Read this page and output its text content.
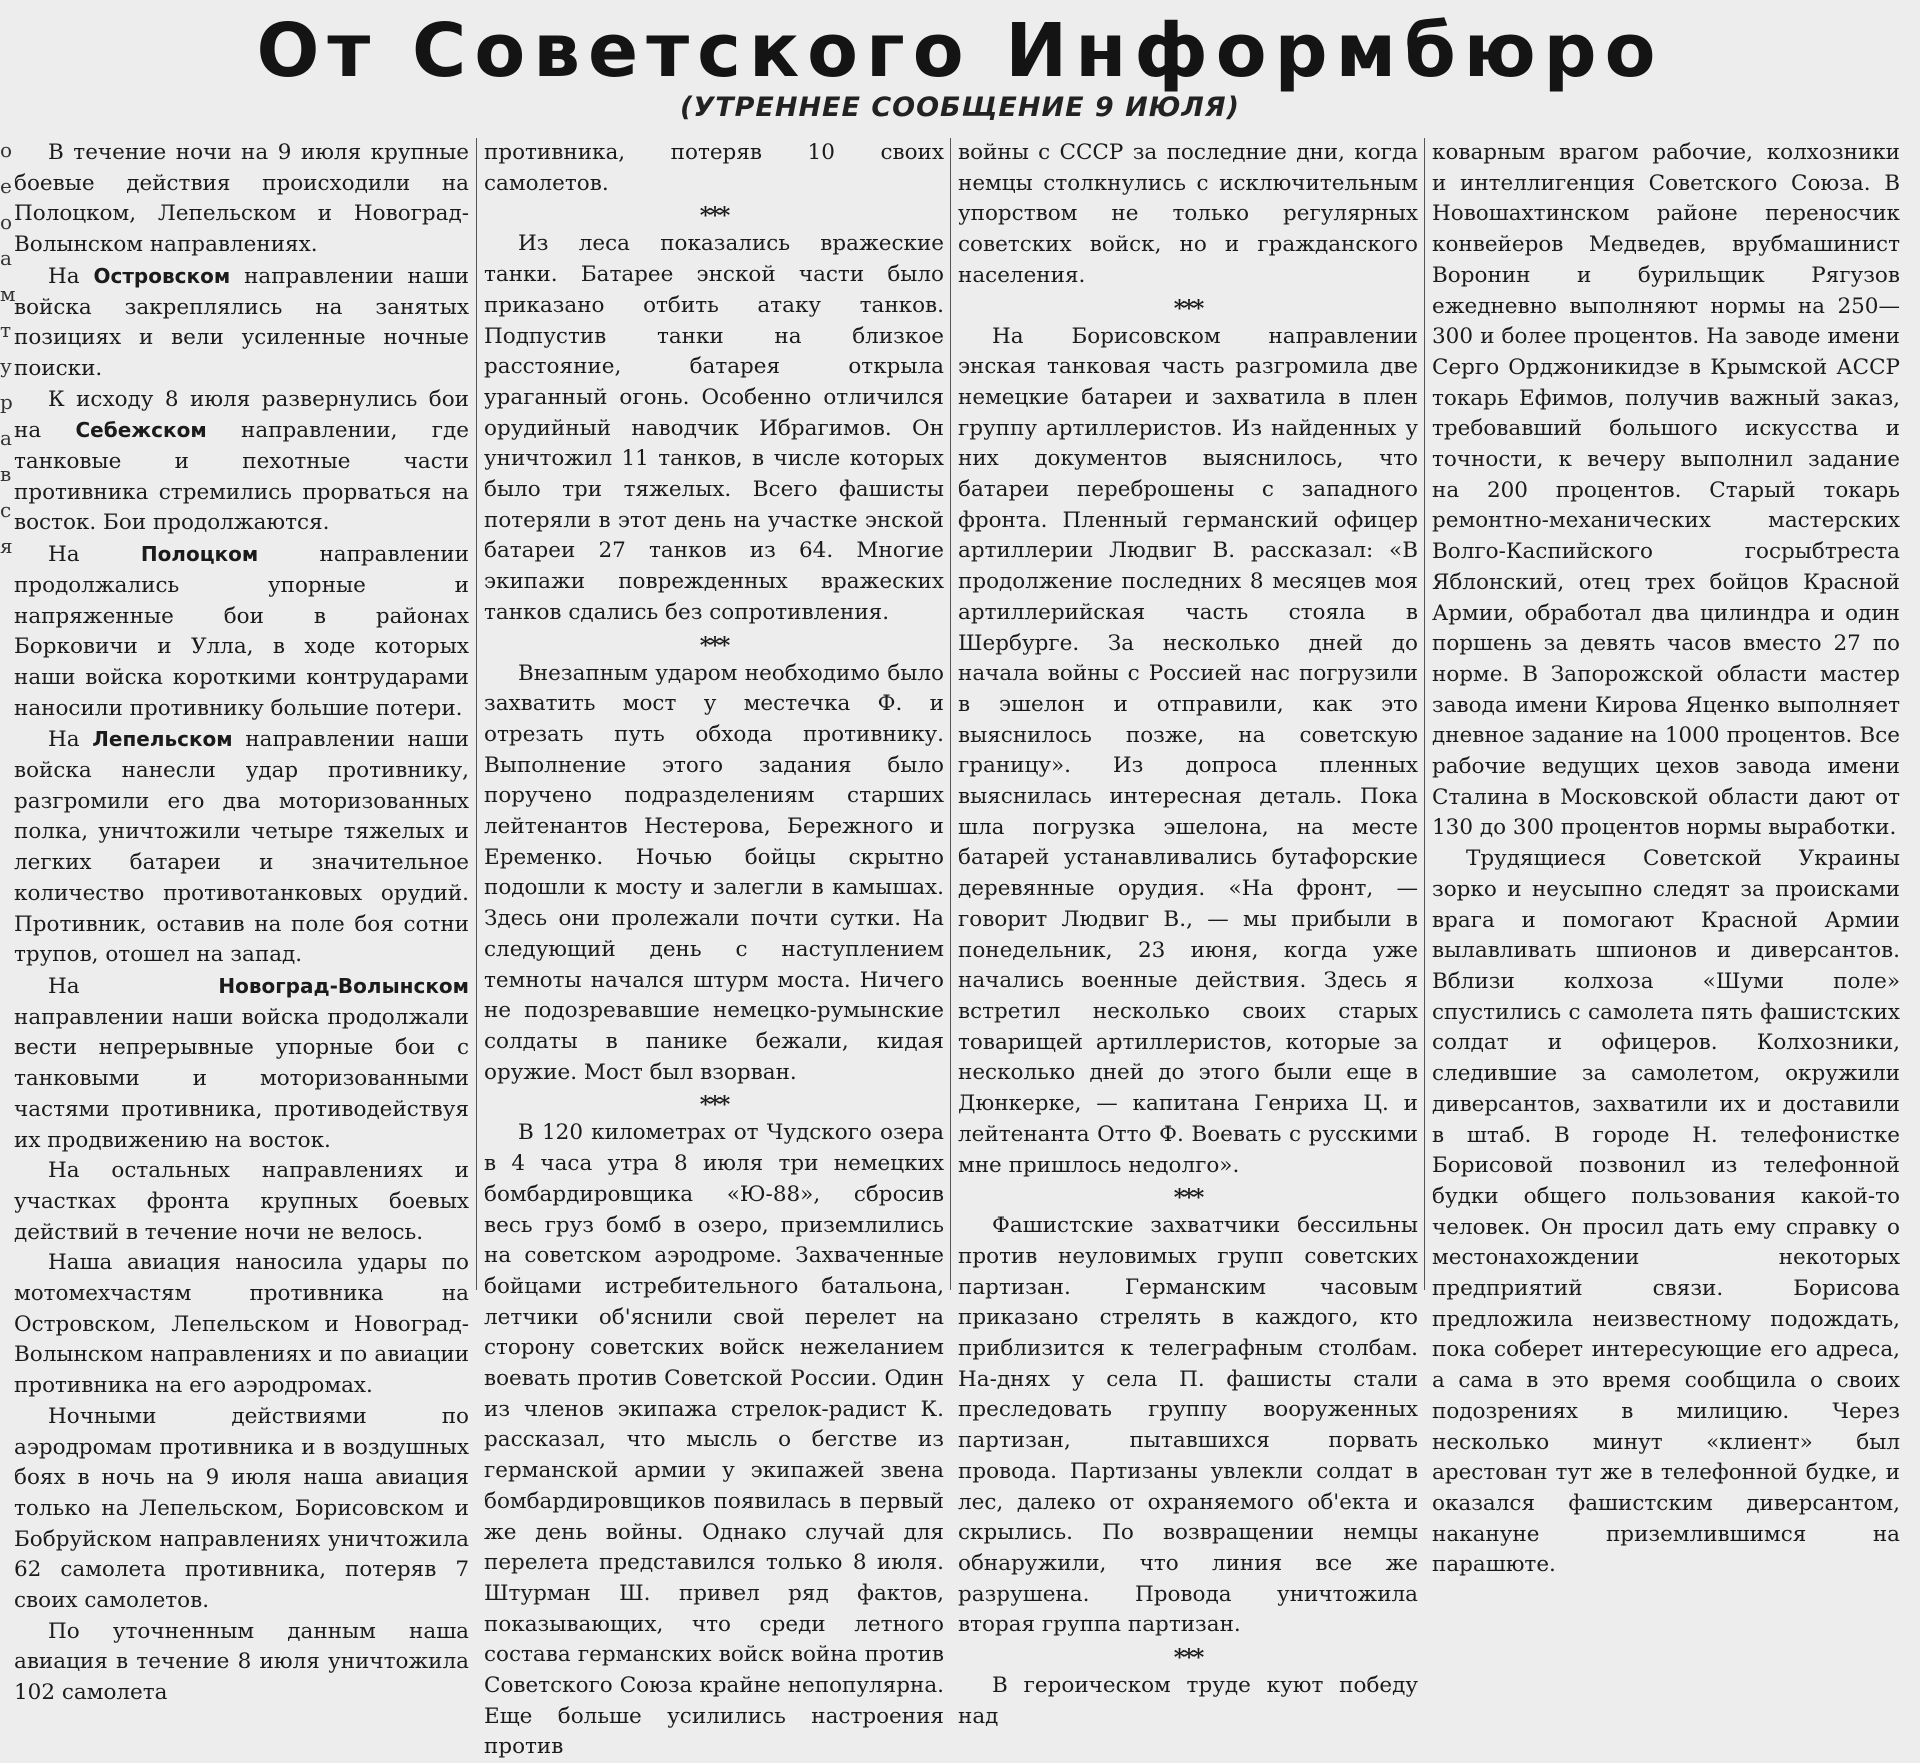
От Советского Информбюро
(УТРЕННЕЕ СООБЩЕНИЕ 9 ИЮЛЯ)
о
е
о
а
м
т
у
р
а
в
с
я

В течение ночи на 9 июля крупные боевые действия происходили на Полоцком, Лепельском и Новоград-Волынском направлениях.

На Островском направлении наши войска закреплялись на занятых позициях и вели усиленные ночные поиски.

К исходу 8 июля развернулись бои на Себежском направлении, где танковые и пехотные части противника стремились прорваться на восток. Бои продолжаются.

На	Полоцком	направлении продолжались упорные и напряженные бои в районах Борковичи и Улла, в ходе которых наши войска короткими контрударами наносили противнику большие потери.

На Лепельском направлении наши войска нанесли удар противнику, разгромили его два моторизованных полка, уничтожили четыре тяжелых и легких батареи и значительное количество противотанковых орудий. Противник, оставив на поле боя сотни трупов, отошел на запад.

На	Новоград-Волынском направлении наши войска продолжали вести непрерывные упорные бои с танковыми и моторизованными частями противника, противодействуя их продвижению на восток.

На остальных направлениях и участках фронта крупных боевых действий в течение ночи не велось.

Наша авиация наносила удары по мотомехчастям противника на Островском, Лепельском и Новоград-Волынском направлениях и по авиации противника на его аэродромах.

Ночными действиями по аэродромам противника и в воздушных боях в ночь на 9 июля наша авиация только на Лепельском, Борисовском и Бобруйском направлениях уничтожила 62 самолета противника, потеряв 7 своих самолетов.

По уточненным данным наша авиация в течение 8 июля уничтожила 102 самолета

противника, потеряв 10 своих самолетов.

***

Из леса показались вражеские танки. Батарее энской части было приказано отбить атаку танков. Подпустив танки на близкое расстояние, батарея открыла ураганный огонь. Особенно отличился орудийный наводчик Ибрагимов. Он уничтожил 11 танков, в числе которых было три тяжелых. Всего фашисты потеряли в этот день на участке энской батареи 27 танков из 64. Многие экипажи поврежденных вражеских танков сдались без сопротивления.

***

Внезапным ударом необходимо было захватить мост у местечка Ф. и отрезать путь обхода противнику. Выполнение этого задания было поручено подразделениям старших лейтенантов Нестерова, Бережного и Еременко. Ночью бойцы скрытно подошли к мосту и залегли в камышах. Здесь они пролежали почти сутки. На следующий день с наступлением темноты начался штурм моста. Ничего не подозревавшие немецко-румынские солдаты в панике бежали, кидая оружие. Мост был взорван.

***

В 120 километрах от Чудского озера в 4 часа утра 8 июля три немецких бомбардировщика «Ю-88», сбросив весь груз бомб в озеро, приземлились на советском аэродроме. Захваченные бойцами истребительного батальона, летчики об'яснили свой перелет на сторону советских войск нежеланием воевать против Советской России. Один из членов экипажа стрелок-радист К. рассказал, что мысль о бегстве из германской армии у экипажей звена бомбардировщиков появилась в первый же день войны. Однако случай для перелета представился только 8 июля. Штурман Ш. привел ряд фактов, показывающих, что среди летного состава германских войск война против Советского Союза крайне непопулярна. Еще больше усилились настроения против

войны с СССР за последние дни, когда немцы столкнулись с исключительным упорством не только регулярных советских войск, но и гражданского населения.

***

На Борисовском направлении энская танковая часть разгромила две немецкие батареи и захватила в плен группу артиллеристов. Из найденных у них документов выяснилось, что батареи переброшены с западного фронта. Пленный германский офицер артиллерии Людвиг В. рассказал: «В продолжение последних 8 месяцев моя артиллерийская часть стояла в Шербурге. За несколько дней до начала войны с Россией нас погрузили в эшелон и отправили, как это выяснилось позже, на советскую границу». Из допроса пленных выяснилась интересная деталь. Пока шла погрузка эшелона, на месте батарей устанавливались бутафорские деревянные орудия. «На фронт, — говорит Людвиг В., — мы прибыли в понедельник, 23 июня, когда уже начались военные действия. Здесь я встретил несколько своих старых товарищей артиллеристов, которые за несколько дней до этого были еще в Дюнкерке, — капитана Генриха Ц. и лейтенанта Отто Ф. Воевать с русскими мне пришлось недолго».

***

Фашистские захватчики бессильны против неуловимых групп советских партизан. Германским часовым приказано стрелять в каждого, кто приблизится к телеграфным столбам. На-днях у села П. фашисты стали преследовать группу вооруженных партизан, пытавшихся порвать провода. Партизаны увлекли солдат в лес, далеко от охраняемого об'екта и скрылись. По возвращении немцы обнаружили, что линия все же разрушена. Провода уничтожила вторая группа партизан.

***

В героическом труде куют победу над

коварным врагом рабочие, колхозники и интеллигенция Советского Союза. В Новошахтинском районе переносчик конвейеров Медведев, врубмашинист Воронин и бурильщик Рягузов ежедневно выполняют нормы на 250—300 и более процентов. На заводе имени Серго Орджоникидзе в Крымской АССР токарь Ефимов, получив важный заказ, требовавший большого искусства и точности, к вечеру выполнил задание на 200 процентов. Старый токарь ремонтно-механических мастерских Волго-Каспийского госрыбтреста Яблонский, отец трех бойцов Красной Армии, обработал два цилиндра и один поршень за девять часов вместо 27 по норме. В Запорожской области мастер завода имени Кирова Яценко выполняет дневное задание на 1000 процентов. Все рабочие ведущих цехов завода имени Сталина в Московской области дают от 130 до 300 процентов нормы выработки.

Трудящиеся Советской Украины зорко и неусыпно следят за происками врага и помогают Красной Армии вылавливать шпионов и диверсантов. Вблизи колхоза «Шуми поле» спустились с самолета пять фашистских солдат и офицеров. Колхозники, следившие за самолетом, окружили диверсантов, захватили их и доставили в штаб. В городе Н. телефонистке Борисовой позвонил из телефонной будки общего пользования какой-то человек. Он просил дать ему справку о местонахождении некоторых предприятий связи. Борисова предложила неизвестному подождать, пока соберет интересующие его адреса, а сама в это время сообщила о своих подозрениях в милицию. Через несколько минут «клиент» был арестован тут же в телефонной будке, и оказался фашистским диверсантом, накануне приземлившимся на парашюте.
